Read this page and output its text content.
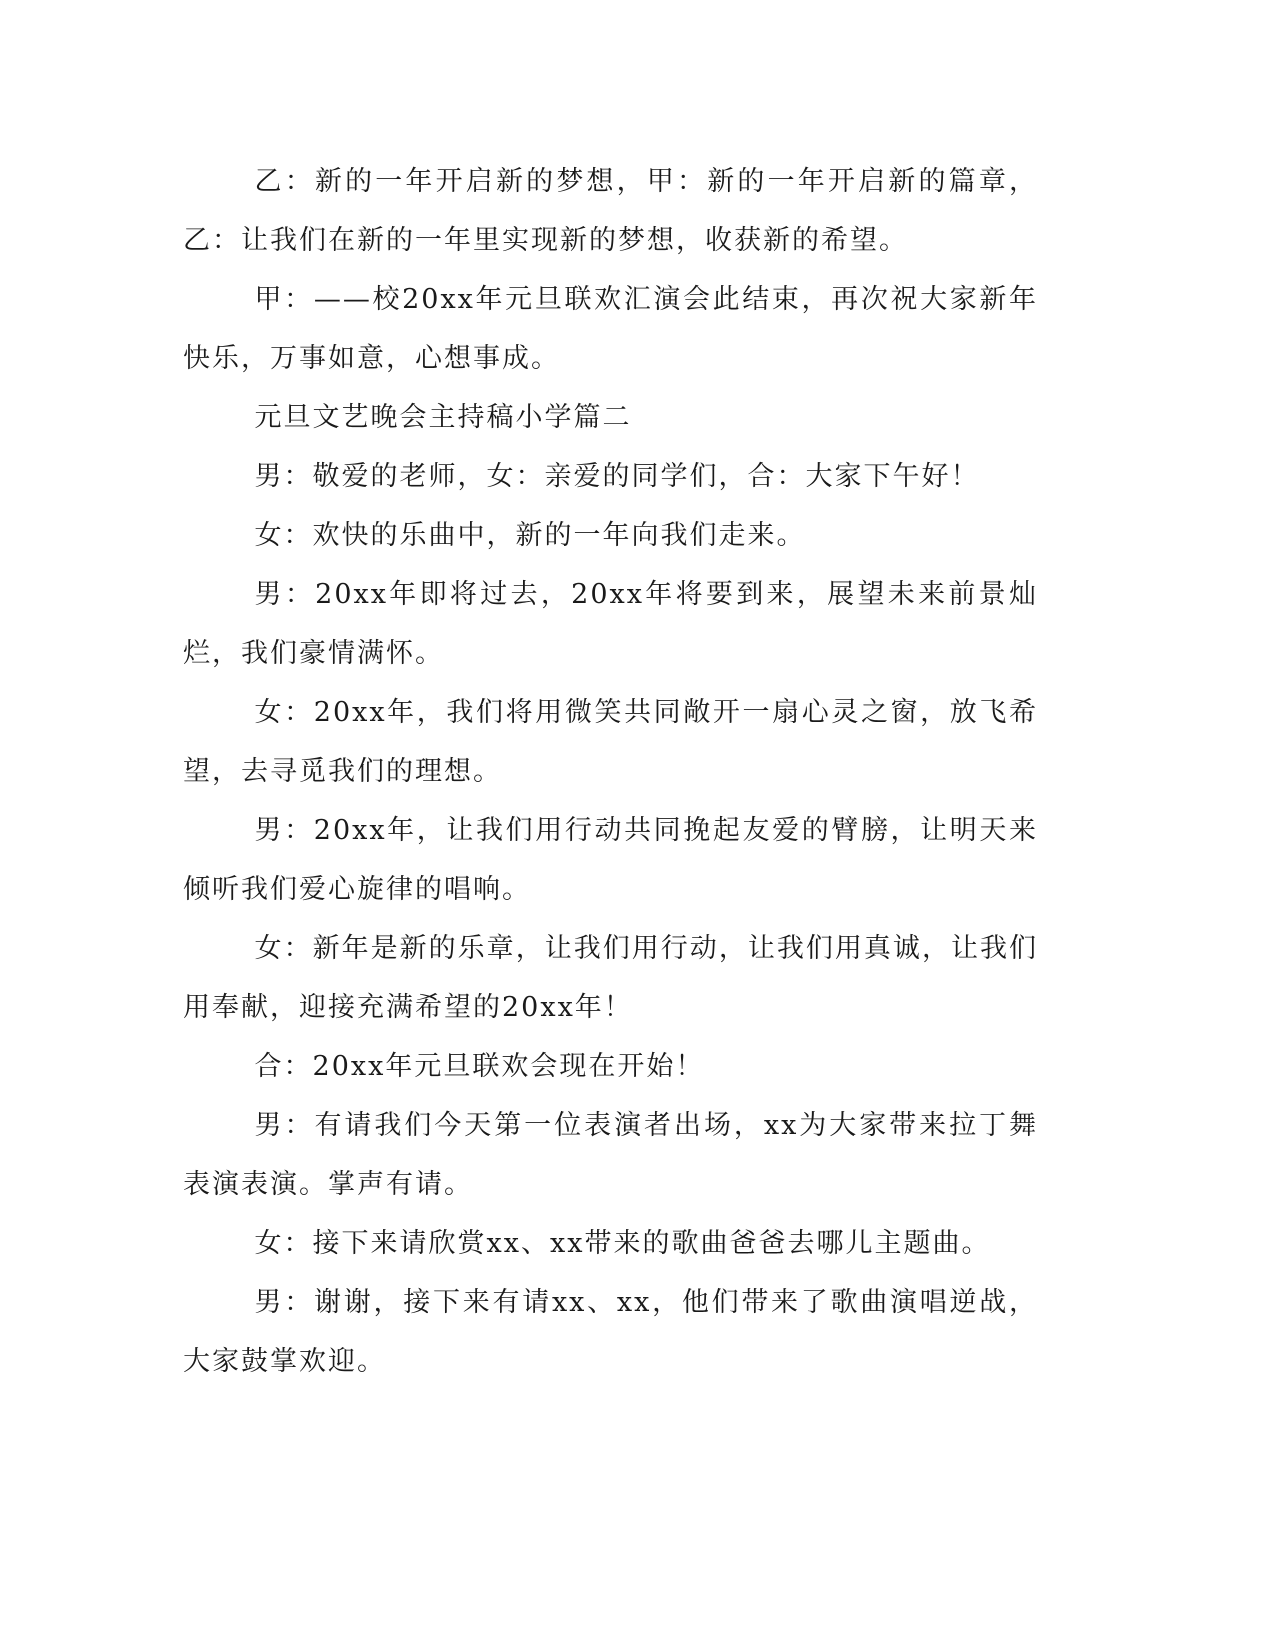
乙：新的一年开启新的梦想，甲：新的一年开启新的篇章，乙：让我们在新的一年里实现新的梦想，收获新的希望。

甲：——校20xx年元旦联欢汇演会此结束，再次祝大家新年快乐，万事如意，心想事成。

元旦文艺晚会主持稿小学篇二

男：敬爱的老师，女：亲爱的同学们，合：大家下午好！

女：欢快的乐曲中，新的一年向我们走来。

男：20xx年即将过去，20xx年将要到来，展望未来前景灿烂，我们豪情满怀。

女：20xx年，我们将用微笑共同敞开一扇心灵之窗，放飞希望，去寻觅我们的理想。

男：20xx年，让我们用行动共同挽起友爱的臂膀，让明天来倾听我们爱心旋律的唱响。

女：新年是新的乐章，让我们用行动，让我们用真诚，让我们用奉献，迎接充满希望的20xx年！

合：20xx年元旦联欢会现在开始！

男：有请我们今天第一位表演者出场，xx为大家带来拉丁舞表演表演。掌声有请。

女：接下来请欣赏xx、xx带来的歌曲爸爸去哪儿主题曲。

男：谢谢，接下来有请xx、xx，他们带来了歌曲演唱逆战，大家鼓掌欢迎。
